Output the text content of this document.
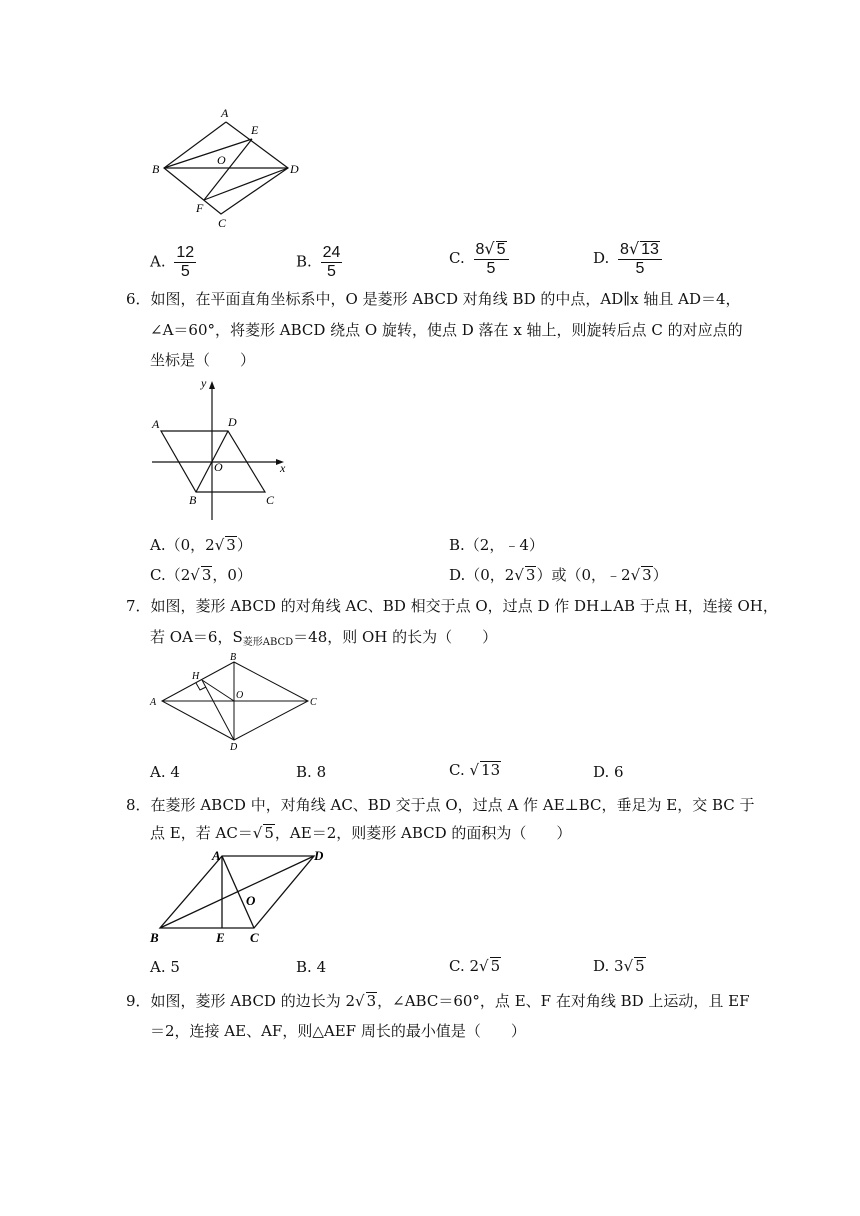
A
E
O
B	D
F
C
A. $\frac{12}{5}$	B. $\frac{24}{5}$	C. $\frac{8√ 5}{5}$	D. $\frac{8√ 13}{5}$
6．如图，在平面直角坐标系中，O 是菱形 ABCD 对角线 BD 的中点，AD∥x 轴且 AD＝4，
∠A＝60°，将菱形 ABCD 绕点 O 旋转，使点 D 落在 x 轴上，则旋转后点 C 的对应点的
坐标是（　　）
y
A	D
O	x
B	C
A.（0，2√ 3）	B.（2，﹣4）
C.（2√ 3，0）	D.（0，2√ 3）或（0，﹣2√ 3）
7．如图，菱形 ABCD 的对角线 AC、BD 相交于点 O，过点 D 作 DH⊥AB 于点 H，连接 OH，
若 OA＝6，$S_{菱形ABCD}=48$，则 OH 的长为（　　）
H
B
A
O
C
D
A. 4	B. 8	C. √ 13	D. 6
8．在菱形 ABCD 中，对角线 AC、BD 交于点 O，过点 A 作 AE⊥BC，垂足为 E，交 BC 于
点 E，若 AC＝√ 5，AE＝2，则菱形 ABCD 的面积为（　　）
A	D
O
B	E C
A. 5	B. 4	C. 2√ 5	D. 3√ 5
9．如图，菱形 ABCD 的边长为 2√ 3，∠ABC＝60°，点 E、F 在对角线 BD 上运动，且 EF
＝2，连接 AE、AF，则△AEF 周长的最小值是（　　）
